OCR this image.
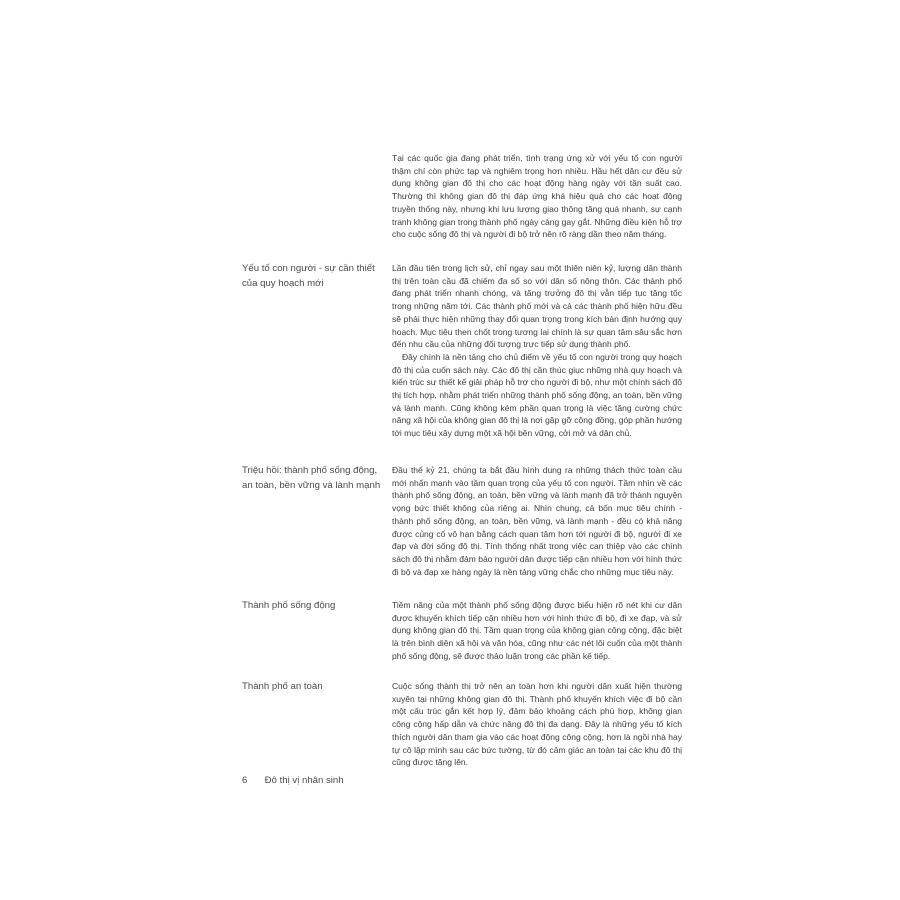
Tại các quốc gia đang phát triển, tình trạng ứng xử với yếu tố con người thậm chí còn phức tạp và nghiêm trọng hơn nhiều. Hầu hết dân cư đều sử dụng không gian đô thị cho các hoạt động hàng ngày với tần suất cao. Thường thì không gian đô thị đáp ứng khá hiệu quả cho các hoạt động truyền thống này, nhưng khi lưu lượng giao thông tăng quá nhanh, sự cạnh tranh không gian trong thành phố ngày càng gay gắt. Những điều kiện hỗ trợ cho cuộc sống đô thị và người đi bộ trở nên rõ ràng dần theo năm tháng.

Yếu tố con người - sự cần thiết của quy hoạch mới

Lần đầu tiên trong lịch sử, chỉ ngay sau một thiên niên kỷ, lượng dân thành thị trên toàn cầu đã chiếm đa số so với dân số nông thôn. Các thành phố đang phát triển nhanh chóng, và tăng trưởng đô thị vẫn tiếp tục tăng tốc trong những năm tới. Các thành phố mới và cả các thành phố hiện hữu đều sẽ phải thực hiện những thay đổi quan trọng trong kích bản định hướng quy hoạch. Mục tiêu then chốt trong tương lai chính là sự quan tâm sâu sắc hơn đến nhu cầu của những đối tượng trực tiếp sử dụng thành phố.

Đây chính là nền tảng cho chủ điểm về yếu tố con người trong quy hoạch đô thị của cuốn sách này. Các đô thị cần thúc giục những nhà quy hoạch và kiến trúc sư thiết kế giải pháp hỗ trợ cho người đi bộ, như một chính sách đô thị tích hợp, nhằm phát triển những thành phố sống động, an toàn, bền vững và lành mạnh. Cũng không kém phần quan trọng là việc tăng cường chức năng xã hội của không gian đô thị là nơi gặp gỡ cộng đồng, góp phần hướng tới mục tiêu xây dựng một xã hội bền vững, cởi mở và dân chủ.

Triệu hồi: thành phố sống động, an toàn, bền vững và lành mạnh

Đầu thế kỷ 21, chúng ta bắt đầu hình dung ra những thách thức toàn cầu mới nhấn mạnh vào tầm quan trọng của yếu tố con người. Tầm nhìn về các thành phố sống động, an toàn, bền vững và lành mạnh đã trở thành nguyện vọng bức thiết không của riêng ai. Nhìn chung, cả bốn mục tiêu chính - thành phố sống động, an toàn, bền vững, và lành mạnh - đều có khả năng được củng cố vô hạn bằng cách quan tâm hơn tới người đi bộ, người đi xe đạp và đời sống đô thị. Tính thống nhất trong việc can thiệp vào các chính sách đô thị nhằm đảm bảo người dân được tiếp cận nhiều hơn với hình thức đi bộ và đạp xe hàng ngày là nền tảng vững chắc cho những mục tiêu này.

Thành phố sống động	Tiềm năng của một thành phố sống động được biểu hiện rõ nét khi cư dân được khuyến khích tiếp cận nhiều hơn với hình thức đi bộ, đi xe đạp, và sử dụng không gian đô thị. Tầm quan trọng của không gian công cộng, đặc biệt là trên bình diện xã hội và văn hóa, cũng như các nét lôi cuốn của một thành phố sống động, sẽ được thảo luận trong các phần kế tiếp.

Thành phố an toàn	Cuộc sống thành thị trở nên an toàn hơn khi người dân xuất hiện thường xuyên tại những không gian đô thị. Thành phố khuyến khích việc đi bộ cần một cấu trúc gắn kết hợp lý, đảm bảo khoảng cách phù hợp, không gian công cộng hấp dẫn và chức năng đô thị đa dạng. Đây là những yếu tố kích thích người dân tham gia vào các hoạt động công cộng, hơn là ngồi nhà hay tự cô lập mình sau các bức tường, từ đó cảm giác an toàn tại các khu đô thị cũng được tăng lên.

6 Đô thị vị nhân sinh
